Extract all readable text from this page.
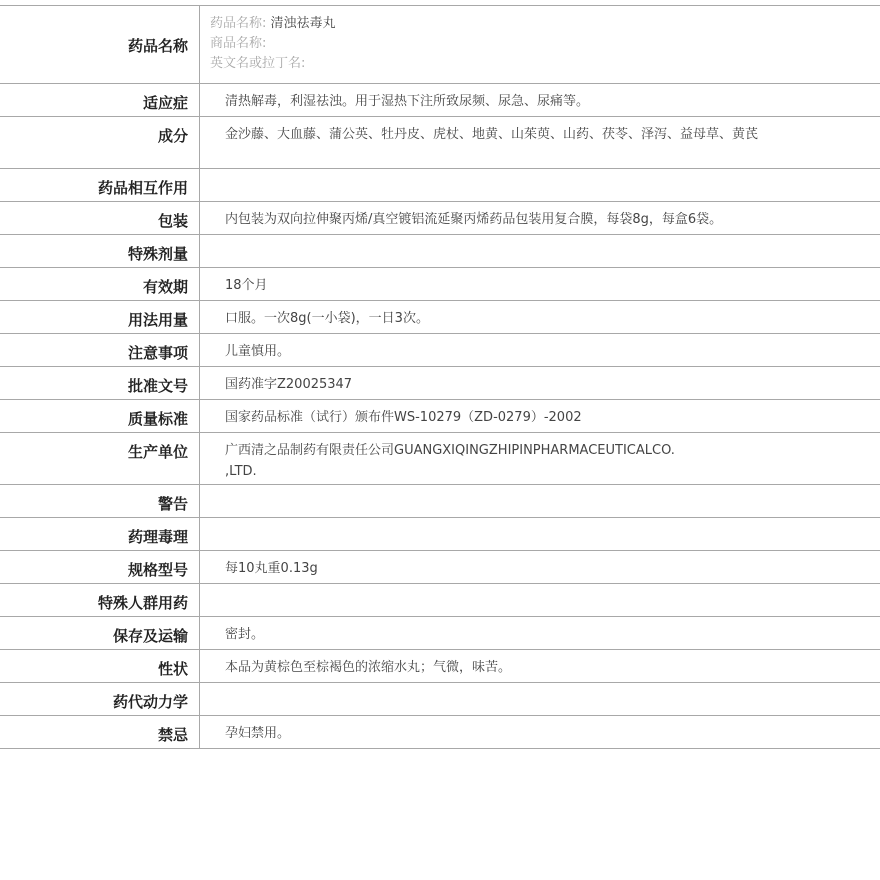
药品名称
药品名称: 清浊祛毒丸
商品名称:
英文名或拉丁名:
适应症	清热解毒，利湿祛浊。用于湿热下注所致尿频、尿急、尿痛等。
成分	金沙藤、大血藤、蒲公英、牡丹皮、虎杖、地黄、山茱萸、山药、茯苓、泽泻、益母草、黄芪
药品相互作用
包装	内包装为双向拉伸聚丙烯/真空镀铝流延聚丙烯药品包装用复合膜，每袋8g，每盒6袋。
特殊剂量
有效期	18个月
用法用量	口服。一次8g(一小袋)，一日3次。
注意事项	儿童慎用。
批准文号	国药准字Z20025347
质量标准	国家药品标准（试行）颁布件WS-10279（ZD-0279）-2002
生产单位	广西清之品制药有限责任公司GUANGXIQINGZHIPINPHARMACEUTICALCO.
,LTD.
警告
药理毒理
规格型号	每10丸重0.13g
特殊人群用药
保存及运输	密封。
性状	本品为黄棕色至棕褐色的浓缩水丸；气微，味苦。
药代动力学
禁忌	孕妇禁用。
